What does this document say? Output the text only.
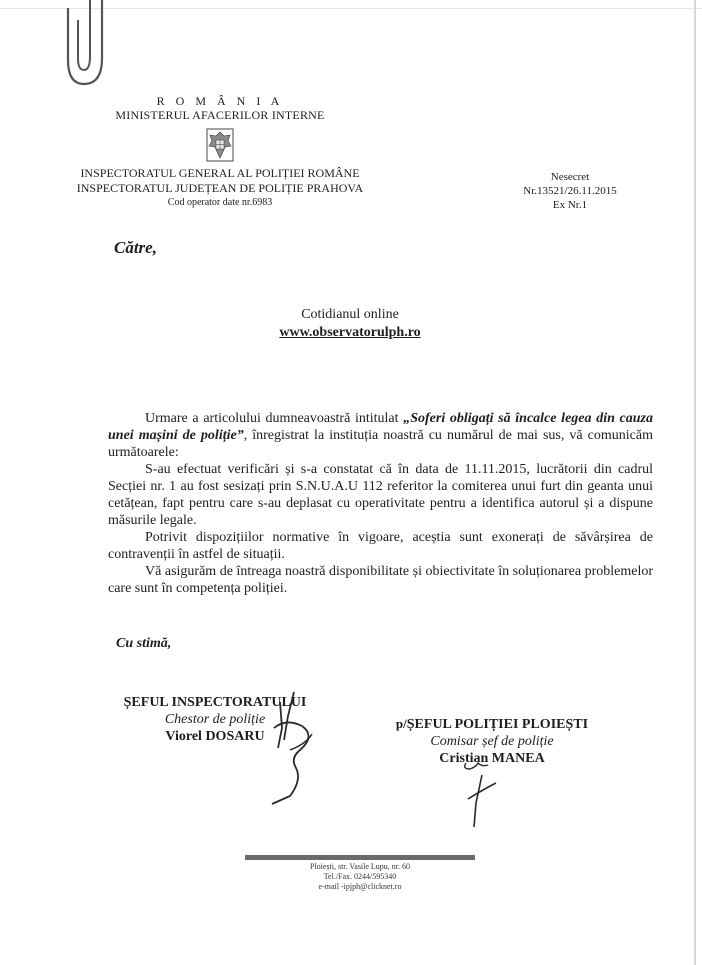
R O M Â N I A
MINISTERUL AFACERILOR INTERNE
INSPECTORATUL GENERAL AL POLIȚIEI ROMÂNE
INSPECTORATUL JUDEȚEAN DE POLIȚIE PRAHOVA
Cod operator date nr.6983
Nesecret
Nr.13521/26.11.2015
Ex Nr.1
Către,
Cotidianul online
www.observatorulph.ro

Urmare a articolului dumneavoastră intitulat „Soferi obligați să încalce legea din cauza unei mașini de poliție”, înregistrat la instituția noastră cu numărul de mai sus, vă comunicăm următoarele:

S-au efectuat verificări și s-a constatat că în data de 11.11.2015, lucrătorii din cadrul Secției nr. 1 au fost sesizați prin S.N.U.A.U 112 referitor la comiterea unui furt din geanta unui cetățean, fapt pentru care s-au deplasat cu operativitate pentru a identifica autorul și a dispune măsurile legale.

Potrivit dispozițiilor normative în vigoare, aceștia sunt exonerați de săvârșirea de contravenții în astfel de situații.

Vă asigurăm de întreaga noastră disponibilitate și obiectivitate în soluționarea problemelor care sunt în competența poliției.

Cu stimă,
ȘEFUL INSPECTORATULUI
Chestor de poliție
Viorel DOSARU
p/ȘEFUL POLIȚIEI PLOIEȘTI
Comisar șef de poliție
Cristian MANEA
Ploiești, str. Vasile Lupu, nr. 60
Tel./Fax. 0244/595340
e-mail -ipjph@clicknet.ro
